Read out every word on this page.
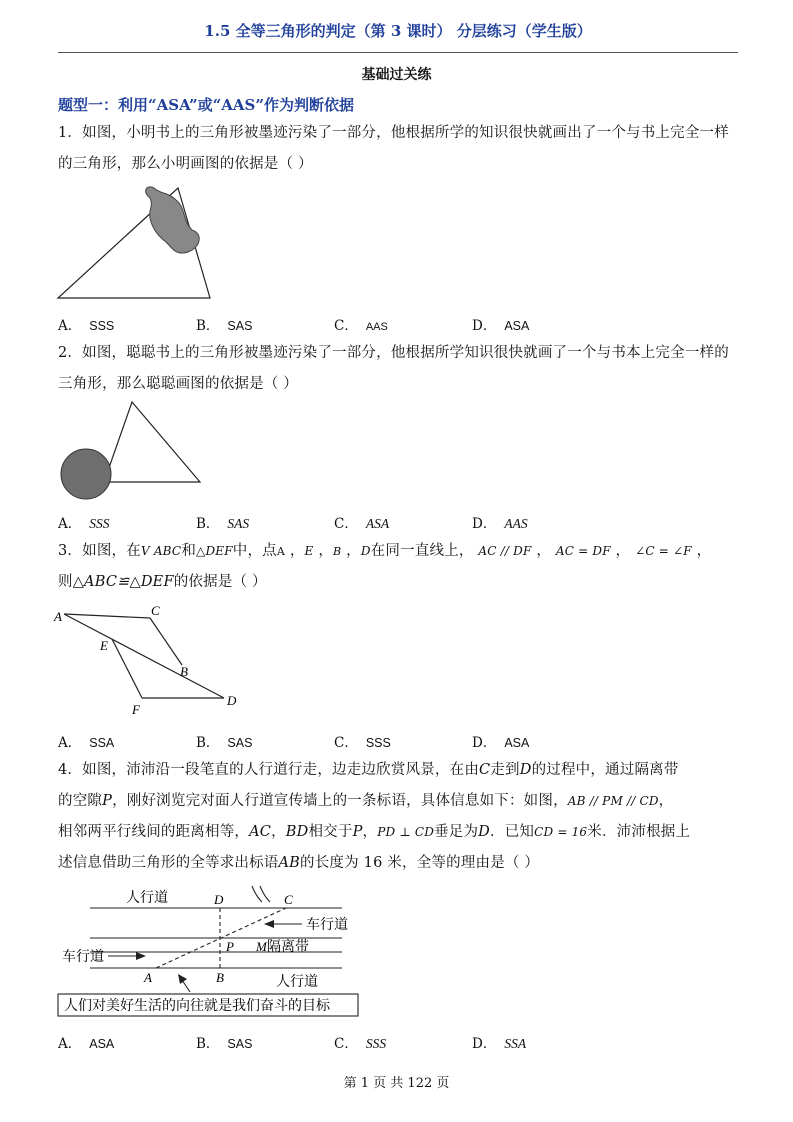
1.5 全等三角形的判定（第 3 课时） 分层练习（学生版）
基础过关练
题型一：利用“ASA”或“AAS”作为判断依据
1．如图，小明书上的三角形被墨迹污染了一部分，他根据所学的知识很快就画出了一个与书上完全一样的三角形，那么小明画图的依据是（ ）
A． SSS	B． SAS	C． AAS	D． ASA
2．如图，聪聪书上的三角形被墨迹污染了一部分，他根据所学知识很快就画了一个与书本上完全一样的三角形，那么聪聪画图的依据是（ ）
A． SSS	B． SAS	C． ASA	D． AAS
3．如图，在V ABC和△DEF中，点A ，E ，B ，D在同一直线上， AC // DF ， AC = DF ， ∠C = ∠F ，
则△ABC≌△DEF的依据是（ ）
A	C
E
B
D
F
A． SSA	B． SAS	C． SSS	D． ASA
4．如图，沛沛沿一段笔直的人行道行走，边走边欣赏风景，在由C走到D的过程中，通过隔离带
的空隙P，刚好浏览完对面人行道宣传墙上的一条标语，具体信息如下：如图，AB // PM // CD，
相邻两平行线间的距离相等，AC，BD相交于P，PD ⊥ CD垂足为D．已知CD = 16米．沛沛根据上
述信息借助三角形的全等求出标语AB的长度为 16 米，全等的理由是（ ）
人行道	D	C
车行道
P M 隔离带
车行道
A	B	人行道
人们对美好生活的向往就是我们奋斗的目标
A． ASA	B． SAS	C． SSS	D． SSA
第 1 页 共 122 页
